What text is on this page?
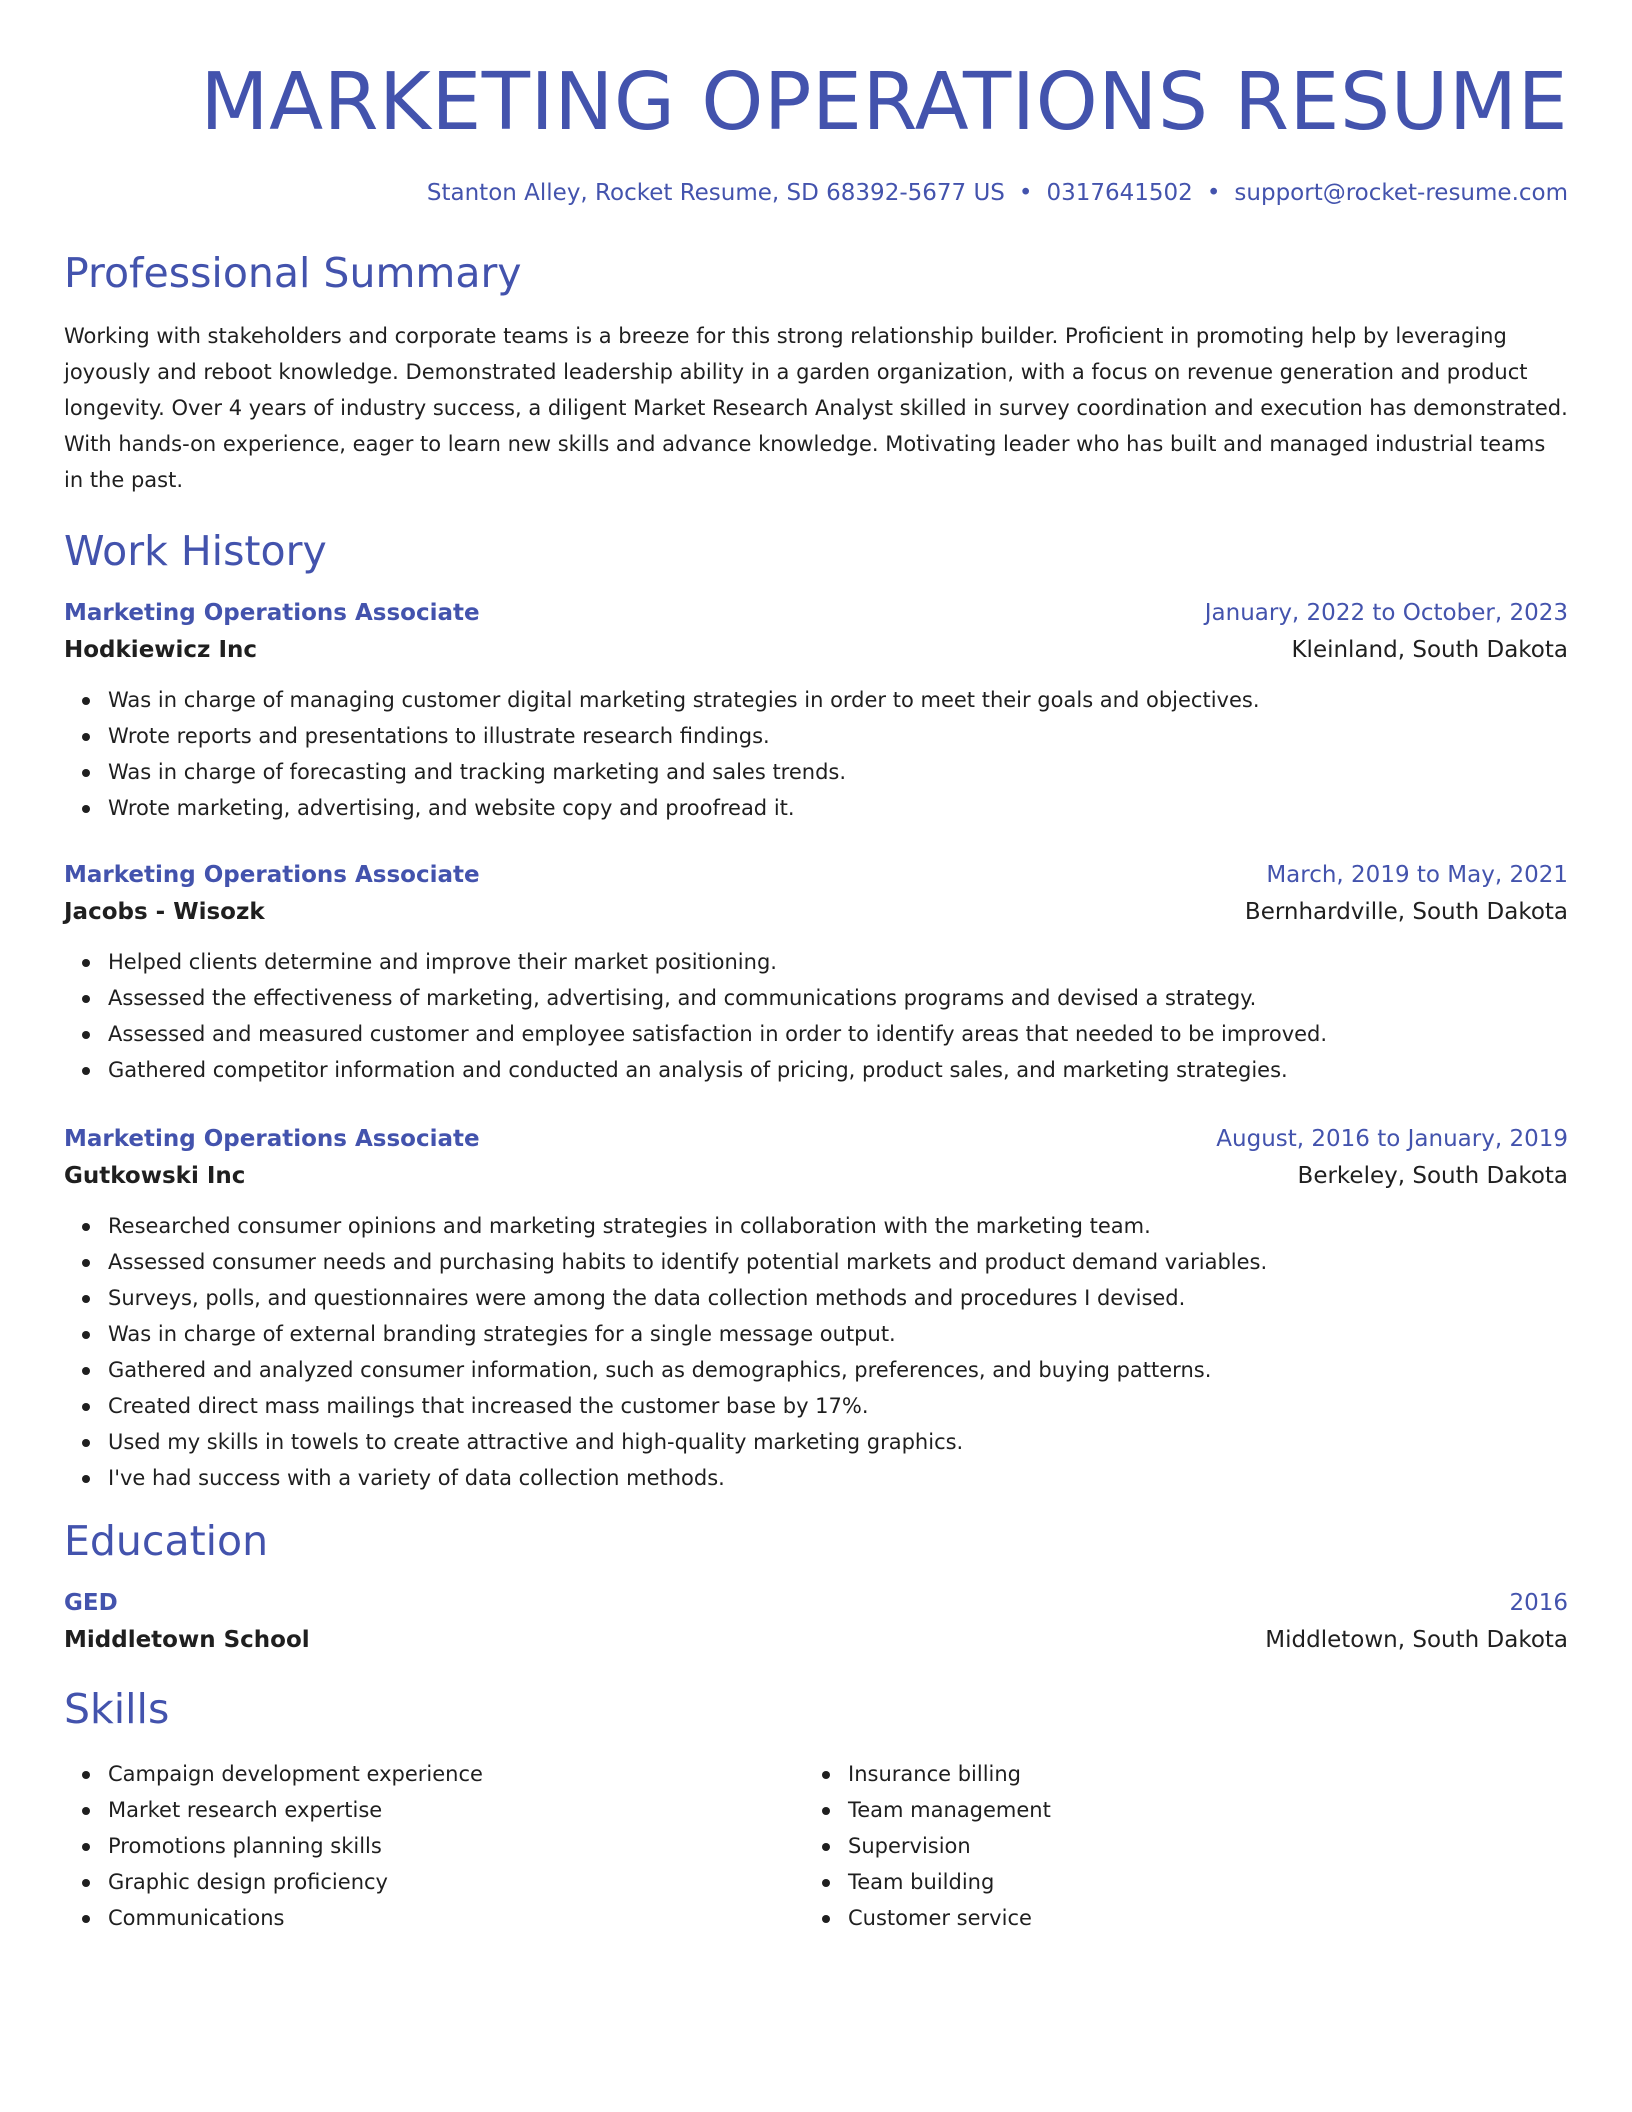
MARKETING OPERATIONS RESUME
Stanton Alley, Rocket Resume, SD 68392-5677 US • 0317641502 • support@rocket-resume.com
Professional Summary
Working with stakeholders and corporate teams is a breeze for this strong relationship builder. Proficient in promoting help by leveraging joyously and reboot knowledge. Demonstrated leadership ability in a garden organization, with a focus on revenue generation and product longevity. Over 4 years of industry success, a diligent Market Research Analyst skilled in survey coordination and execution has demonstrated. With hands-on experience, eager to learn new skills and advance knowledge. Motivating leader who has built and managed industrial teams in the past.
Work History
Marketing Operations Associate	January, 2022 to October, 2023
Hodkiewicz Inc	Kleinland, South Dakota
Was in charge of managing customer digital marketing strategies in order to meet their goals and objectives.
Wrote reports and presentations to illustrate research findings.
Was in charge of forecasting and tracking marketing and sales trends.
Wrote marketing, advertising, and website copy and proofread it.
Marketing Operations Associate	March, 2019 to May, 2021
Jacobs - Wisozk	Bernhardville, South Dakota
Helped clients determine and improve their market positioning.
Assessed the effectiveness of marketing, advertising, and communications programs and devised a strategy.
Assessed and measured customer and employee satisfaction in order to identify areas that needed to be improved.
Gathered competitor information and conducted an analysis of pricing, product sales, and marketing strategies.
Marketing Operations Associate	August, 2016 to January, 2019
Gutkowski Inc	Berkeley, South Dakota
Researched consumer opinions and marketing strategies in collaboration with the marketing team.
Assessed consumer needs and purchasing habits to identify potential markets and product demand variables.
Surveys, polls, and questionnaires were among the data collection methods and procedures I devised.
Was in charge of external branding strategies for a single message output.
Gathered and analyzed consumer information, such as demographics, preferences, and buying patterns.
Created direct mass mailings that increased the customer base by 17%.
Used my skills in towels to create attractive and high-quality marketing graphics.
I've had success with a variety of data collection methods.
Education
GED	2016
Middletown School	Middletown, South Dakota
Skills
Campaign development experience
Market research expertise
Promotions planning skills
Graphic design proficiency
Communications
Insurance billing
Team management
Supervision
Team building
Customer service
